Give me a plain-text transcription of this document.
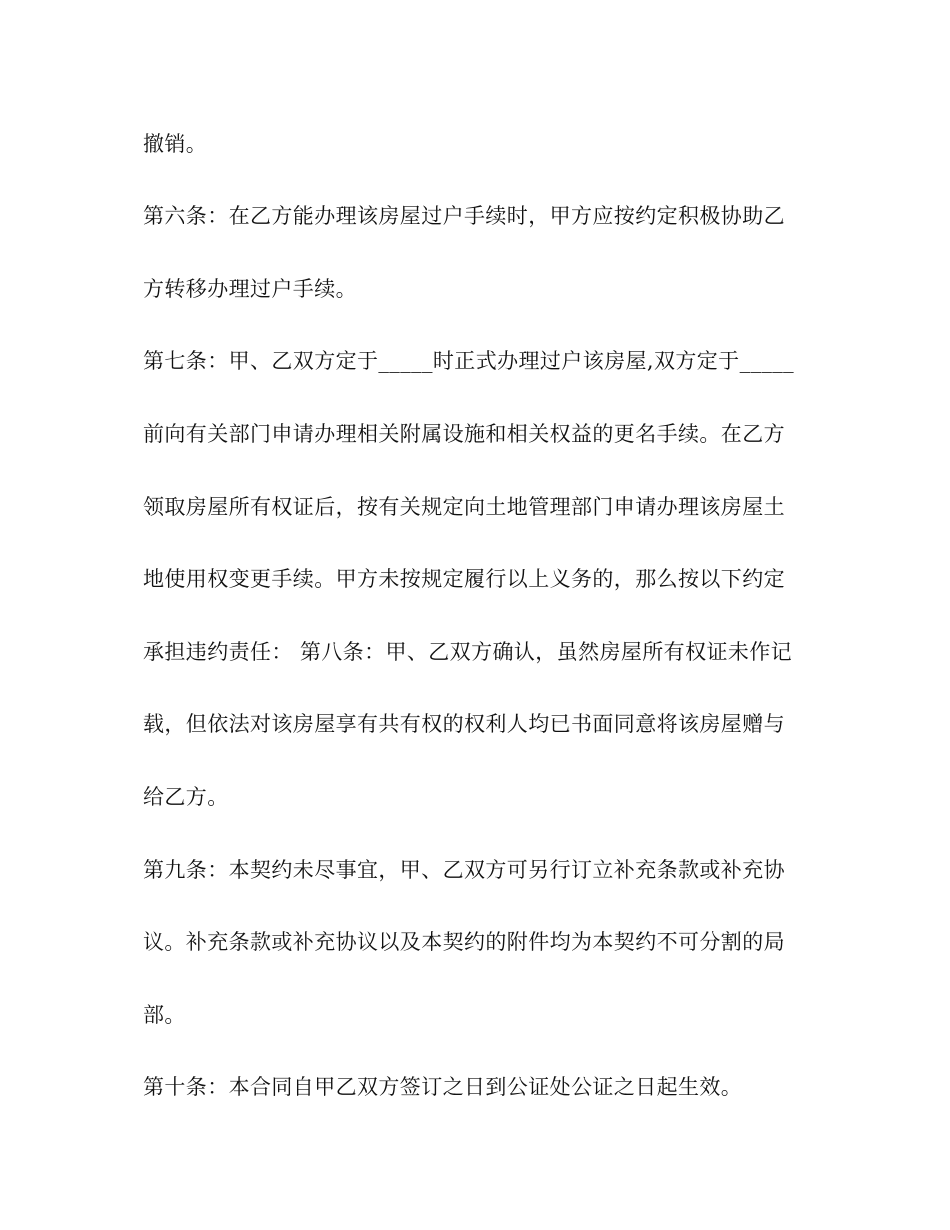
撤销。

第六条：在乙方能办理该房屋过户手续时，甲方应按约定积极协助乙

方转移办理过户手续。

第七条：甲、乙双方定于_____时正式办理过户该房屋,双方定于_____

前向有关部门申请办理相关附属设施和相关权益的更名手续。在乙方

领取房屋所有权证后，按有关规定向土地管理部门申请办理该房屋土

地使用权变更手续。甲方未按规定履行以上义务的，那么按以下约定

承担违约责任： 第八条：甲、乙双方确认，虽然房屋所有权证未作记

载，但依法对该房屋享有共有权的权利人均已书面同意将该房屋赠与

给乙方。

第九条：本契约未尽事宜，甲、乙双方可另行订立补充条款或补充协

议。补充条款或补充协议以及本契约的附件均为本契约不可分割的局

部。

第十条：本合同自甲乙双方签订之日到公证处公证之日起生效。
